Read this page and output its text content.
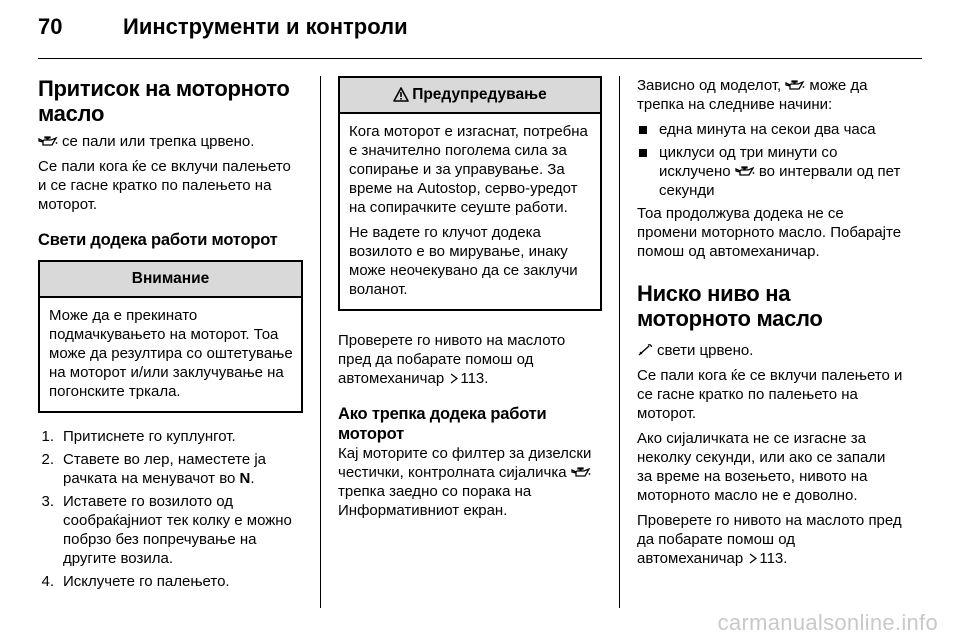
70	Иинструменти и контроли
Притисок на моторното масло

се пали или трепка црвено.

Се пали кога ќе се вклучи палењето и се гасне кратко по палењето на моторот.

Свети додека работи моторот
Внимание

Може да е прекинато подмачкувањето на моторот. Тоа може да резултира со оштетување на моторот и/или заклучување на погонските тркала.

1. Притиснете го куплунгот.
2. Ставете во лер, наместете ја рачката на менувачот во N.
3. Иставете го возилото од сообраќајниот тек колку е можно побрзо без попречување на другите возила.
4. Исклучете го палењето.
Предупредување

Кога моторот е изгаснат, потребна е значително поголема сила за сопирање и за управување. За време на Autostop, серво-уредот на сопирачките сеуште работи.

Не вадете го клучот додека возилото е во мирување, инаку може неочекувано да се заклучи воланот.

Проверете го нивото на маслото пред да побарате помош од автомеханичар 113.

Ако трепка додека работи моторот

Кај моторите со филтер за дизелски честички, контролната сијаличка трепка заедно со порака на Информативниот екран.

Зависно од моделот, може да трепка на следниве начини:

една минута на секои два часа
циклуси од три минути со исклучено во интервали од пет секунди

Тоа продолжува додека не се промени моторното масло. Побарајте помош од автомеханичар.

Ниско ниво на моторното масло

свети црвено.

Се пали кога ќе се вклучи палењето и се гасне кратко по палењето на моторот.

Ако сијаличката не се изгасне за неколку секунди, или ако се запали за време на возењето, нивото на моторното масло не е доволно.

Проверете го нивото на маслото пред да побарате помош од автомеханичар 113.

carmanualsonline.info
